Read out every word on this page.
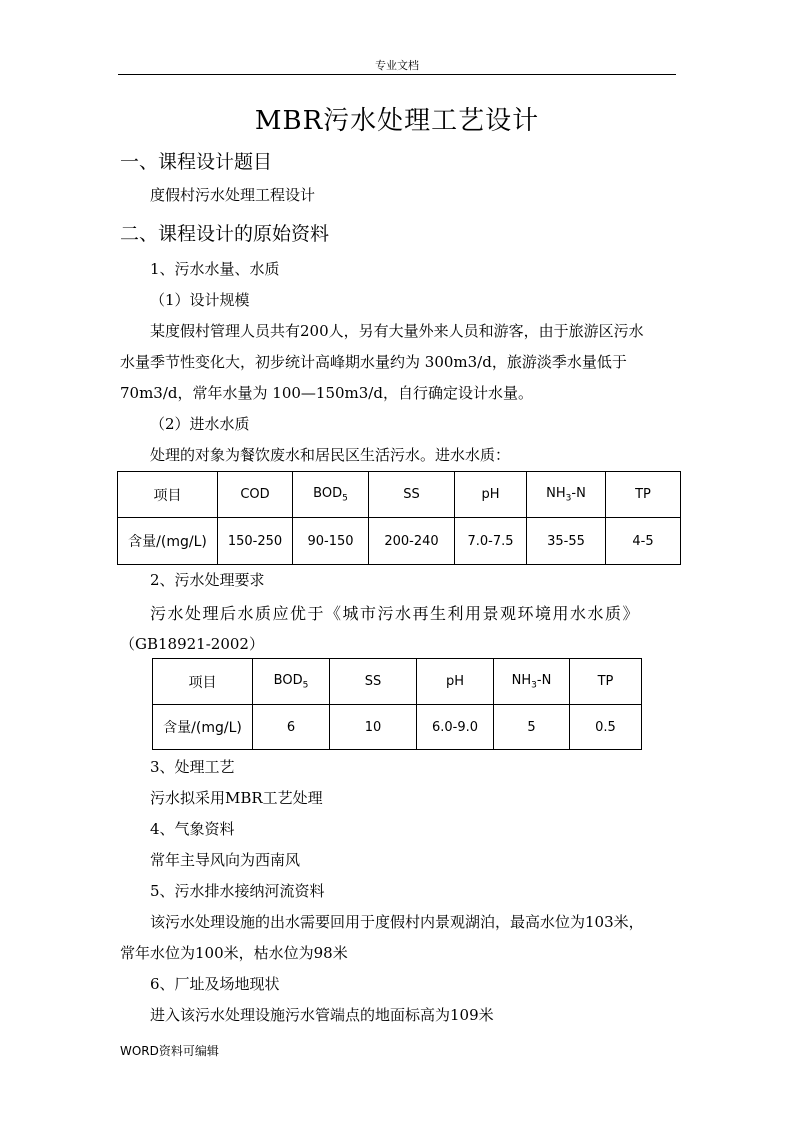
专业文档
MBR污水处理工艺设计
一、课程设计题目
度假村污水处理工程设计
二、课程设计的原始资料
1、污水水量、水质
（1）设计规模
某度假村管理人员共有200人，另有大量外来人员和游客，由于旅游区污水
水量季节性变化大，初步统计高峰期水量约为 300m3/d，旅游淡季水量低于
70m3/d，常年水量为 100—150m3/d，自行确定设计水量。
（2）进水水质
处理的对象为餐饮废水和居民区生活污水。进水水质：
项目	COD	$BOD_5$	SS	pH	$NH_3-N$	TP
含量/(mg/L)	150-250	90-150	200-240	7.0-7.5	35-55	4-5
2、污水处理要求
污水处理后水质应优于《城市污水再生利用景观环境用水水质》
（GB18921-2002）
项目	$BOD_5$	SS	pH	$NH_3-N$	TP
含量/(mg/L)	6	10	6.0-9.0	5	0.5
3、处理工艺
污水拟采用MBR工艺处理
4、气象资料
常年主导风向为西南风
5、污水排水接纳河流资料
该污水处理设施的出水需要回用于度假村内景观湖泊，最高水位为103米，
常年水位为100米，枯水位为98米
6、厂址及场地现状
进入该污水处理设施污水管端点的地面标高为109米
WORD资料可编辑
